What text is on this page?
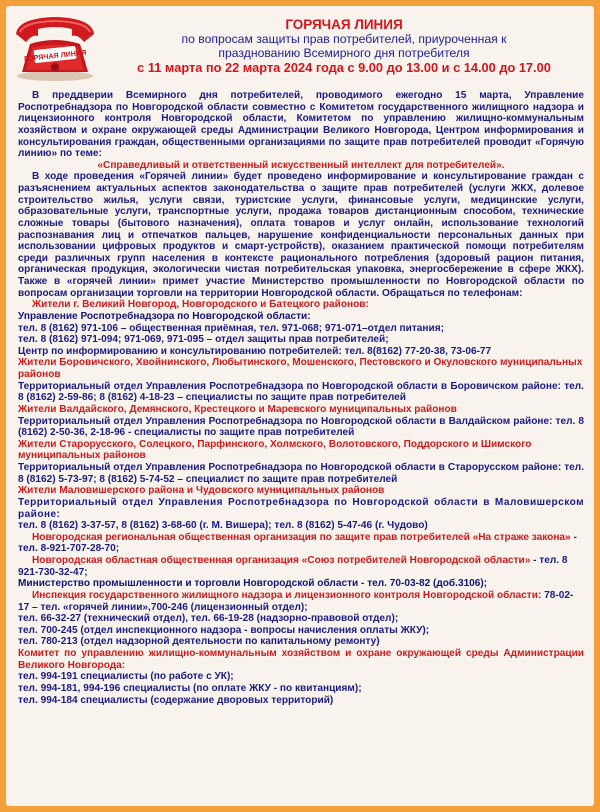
ГОРЯЧАЯ ЛИНИЯ
ГОРЯЧАЯ ЛИНИЯ
по вопросам защиты прав потребителей, приуроченная к
празднованию Всемирного дня потребителя
с 11 марта по 22 марта 2024 года с 9.00 до 13.00 и с 14.00 до 17.00

В преддверии Всемирного дня потребителей, проводимого ежегодно 15 марта, Управление Роспотребнадзора по Новгородской области совместно с Комитетом государственного жилищного надзора и лицензионного контроля Новгородской области, Комитетом по управлению жилищно-коммунальным хозяйством и охране окружающей среды Администрации Великого Новгорода, Центром информирования и консультирования граждан, общественными организациями по защите прав потребителей проводит «Горячую линию» по теме:

«Справедливый и ответственный искусственный интеллект для потребителей».

В ходе проведения «Горячей линии» будет проведено информирование и консультирование граждан с разъяснением актуальных аспектов законодательства о защите прав потребителей (услуги ЖКХ, долевое строительство жилья, услуги связи, туристские услуги, финансовые услуги, медицинские услуги, образовательные услуги, транспортные услуги, продажа товаров дистанционным способом, технические сложные товары (бытового назначения), оплата товаров и услуг онлайн, использование технологий распознавания лиц и отпечатков пальцев, нарушение конфиденциальности персональных данных при использовании цифровых продуктов и смарт-устройств), оказанием практической помощи потребителям среди различных групп населения в контексте рационального потребления (здоровый рацион питания, органическая продукция, экологически чистая потребительская упаковка, энергосбережение в сфере ЖКХ). Также в «горячей линии» примет участие Министерство промышленности по Новгородской области по вопросам организации торговли на территории Новгородской области. Обращаться по телефонам:

Жители г. Великий Новгород, Новгородского и Батецкого районов:

Управление Роспотребнадзора по Новгородской области:

тел. 8 (8162) 971-106 – общественная приёмная, тел. 971-068; 971-071–отдел питания;

тел. 8 (8162) 971-094; 971-069, 971-095 – отдел защиты прав потребителей;

Центр по информированию и консультированию потребителей: тел. 8(8162) 77-20-38, 73-06-77

Жители Боровичского, Хвойнинского, Любытинского, Мошенского, Пестовского и Окуловского муниципальных районов

Территориальный отдел Управления Роспотребнадзора по Новгородской области в Боровичском районе: тел. 8 (8162) 2-59-86; 8 (8162) 4-18-23 – специалисты по защите прав потребителей

Жители Валдайского, Демянского, Крестецкого и Маревского муниципальных районов

Территориальный отдел Управления Роспотребнадзора по Новгородской области в Валдайском районе: тел. 8 (8162) 2-50-36, 2-18-96 - специалисты по защите прав потребителей

Жители Старорусского, Солецкого, Парфинского, Холмского, Волотовского, Поддорского и Шимского муниципальных районов

Территориальный отдел Управления Роспотребнадзора по Новгородской области в Старорусском районе: тел. 8 (8162) 5-73-97; 8 (8162) 5-74-52 – специалист по защите прав потребителей

Жители Маловишерского района и Чудовского муниципальных районов

Территориальный отдел Управления Роспотребнадзора по Новгородской области в Маловишерском районе:

тел. 8 (8162) 3-37-57, 8 (8162) 3-68-60 (г. М. Вишера); тел. 8 (8162) 5-47-46 (г. Чудово)

Новгородская региональная общественная организация по защите прав потребителей «На страже закона» - тел. 8-921-707-28-70;

Новгородская областная общественная организация «Союз потребителей Новгородской области» - тел. 8 921-730-32-47;

Министерство промышленности и торговли Новгородской области - тел. 70-03-82 (доб.3106);

Инспекция государственного жилищного надзора и лицензионного контроля Новгородской области: 78-02-17 – тел. «горячей линии»,700-246 (лицензионный отдел);

тел. 66-32-27 (технический отдел), тел. 66-19-28 (надзорно-правовой отдел);

тел. 700-245 (отдел инспекционного надзора - вопросы начисления оплаты ЖКУ);

тел. 780-213 (отдел надзорной деятельности по капитальному ремонту)

Комитет по управлению жилищно-коммунальным хозяйством и охране окружающей среды Администрации Великого Новгорода:

тел. 994-191 специалисты (по работе с УК);

тел. 994-181, 994-196 специалисты (по оплате ЖКУ - по квитанциям);

тел. 994-184 специалисты (содержание дворовых территорий)
